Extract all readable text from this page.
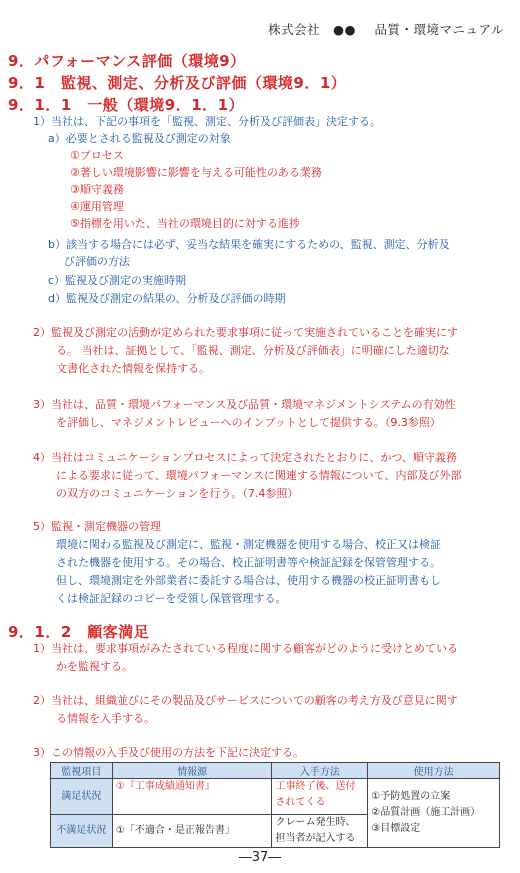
株式会社　●● 品質・環境マニュアル
9．パフォーマンス評価（環境9）
9．1　監視、測定、分析及び評価（環境9．1）
9．1．1　一般（環境9．1．1）
1）当社は、下記の事項を「監視、測定、分析及び評価表」決定する。
a）必要とされる監視及び測定の対象
①プロセス
②著しい環境影響に影響を与える可能性のある業務
③順守義務
④運用管理
⑤指標を用いた、当社の環境目的に対する進捗
b）該当する場合には必ず、妥当な結果を確実にするための、監視、測定、分析及
び評価の方法
c）監視及び測定の実施時期
d）監視及び測定の結果の、分析及び評価の時期
2）監視及び測定の活動が定められた要求事項に従って実施されていることを確実にす
る。 当社は、証拠として、「監視、測定、分析及び評価表」に明確にした適切な
文書化された情報を保持する。
3）当社は、品質・環境パフォーマンス及び品質・環境マネジメントシステムの有効性
を評価し、マネジメントレビューへのインプットとして提供する。（9.3参照）
4）当社はコミュニケーションプロセスによって決定されたとおりに、かつ、順守義務
による要求に従って、環境パフォーマンスに関連する情報について、内部及び外部
の双方のコミュニケーションを行う。（7.4参照）
5）監視・測定機器の管理
環境に関わる監視及び測定に、監視・測定機器を使用する場合、校正又は検証
された機器を使用する。その場合、校正証明書等や検証記録を保管管理する。
但し、環境測定を外部業者に委託する場合は、使用する機器の校正証明書もし
くは検証記録のコピーを受領し保管管理する。
9．1．2　顧客満足
1）当社は、要求事項がみたされている程度に関する顧客がどのように受けとめている
かを監視する。
2）当社は、組織並びにその製品及びサービスについての顧客の考え方及び意見に関す
る情報を入手する。
3）この情報の入手及び使用の方法を下記に決定する。
監視項目	情報源	入手方法	使用方法
満足状況	①『工事成績通知書』	工事終了後、送付されてくる	①予防処置の立案
②品質計画（施工計画）
③目標設定

不満足状況	①「不適合・是正報告書」	クレーム発生時、担当者が記入する	
―37―
